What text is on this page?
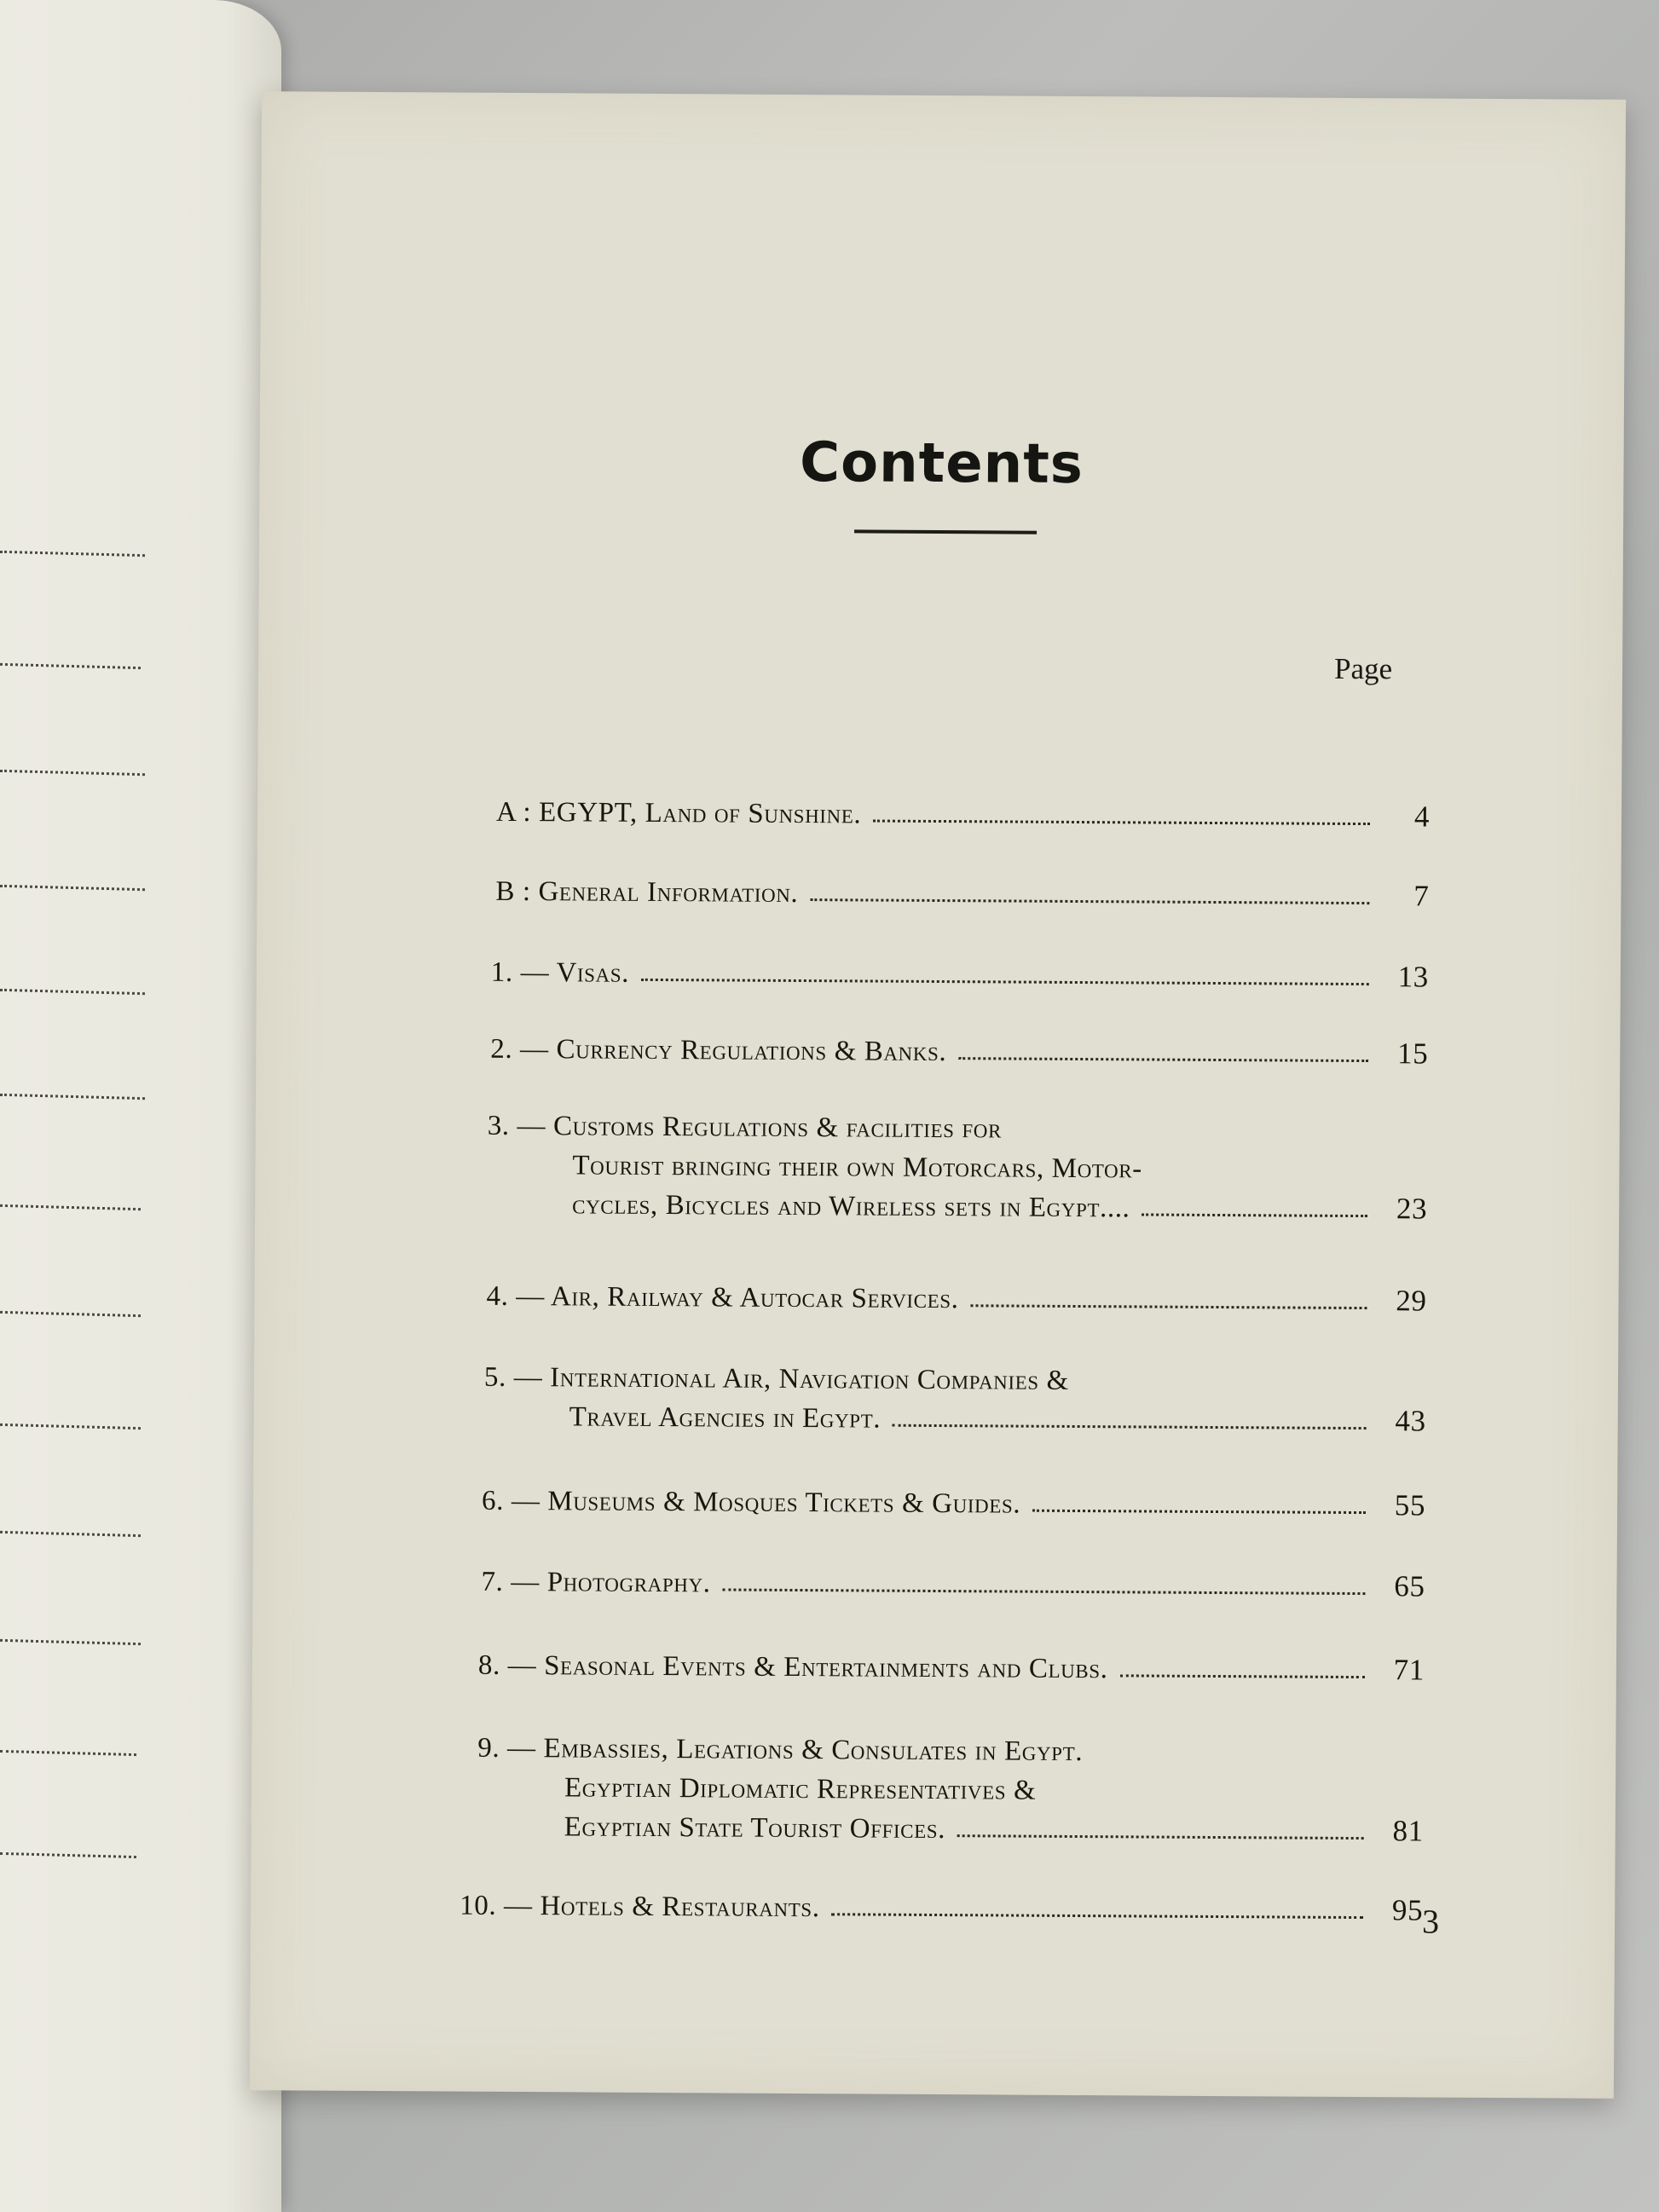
Contents
Page
A : EGYPT, Land of Sunshine.	4
B : General Information.	7
1. — Visas.	13
2. — Currency Regulations & Banks.	15
3. — Customs Regulations & facilities for
Tourist bringing their own Motorcars, Motor-
cycles, Bicycles and Wireless sets in Egypt....	23
4. — Air, Railway & Autocar Services.	29
5. — International Air, Navigation Companies &
Travel Agencies in Egypt.	43
6. — Museums & Mosques Tickets & Guides.	55
7. — Photography.	65
8. — Seasonal Events & Entertainments and Clubs.	71
9. — Embassies, Legations & Consulates in Egypt.
Egyptian Diplomatic Representatives &
Egyptian State Tourist Offices.	81
10. — Hotels & Restaurants.	95
3
